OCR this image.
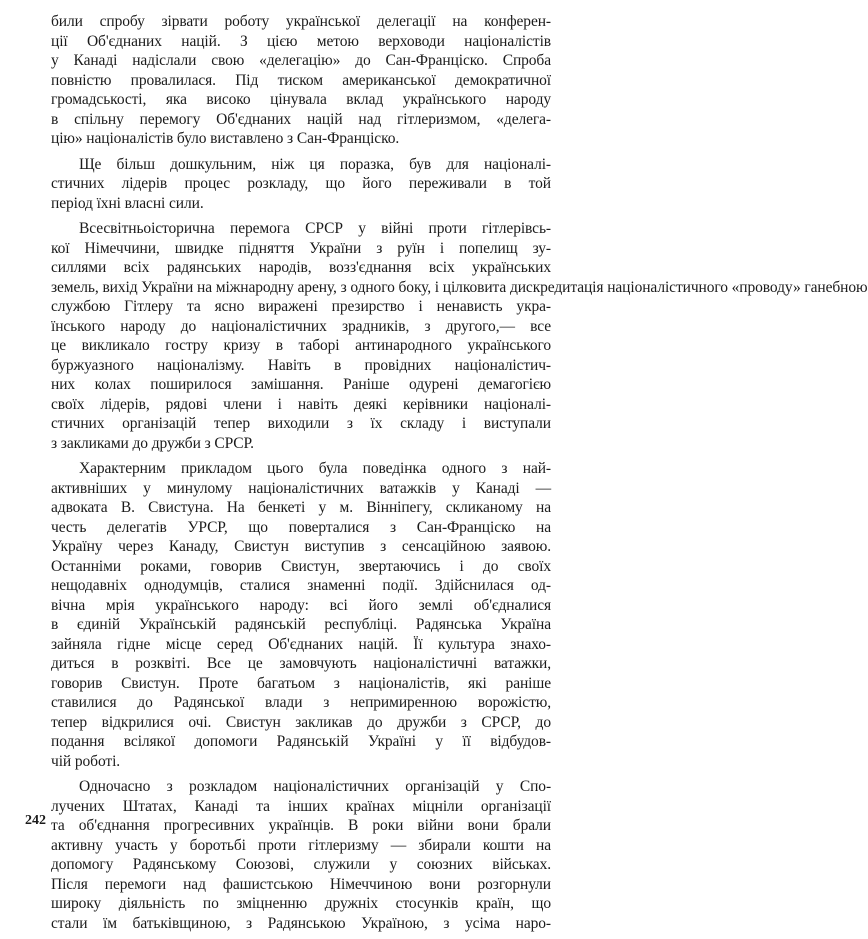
били спробу зірвати роботу української делегації на конферен-
ції Об'єднаних націй. З цією метою верховоди націоналістів
у Канаді надіслали свою «делегацію» до Сан-Франціско. Спроба
повністю провалилася. Під тиском американської демократичної
громадськості, яка високо цінувала вклад українського народу
в спільну перемогу Об'єднаних націй над гітлеризмом, «делега-
цію» націоналістів було виставлено з Сан-Франціско.
Ще більш дошкульним, ніж ця поразка, був для націоналі-
стичних лідерів процес розкладу, що його переживали в той
період їхні власні сили.
Всесвітньоісторична перемога СРСР у війні проти гітлерівсь-
кої Німеччини, швидке підняття України з руїн і попелищ зу-
силлями всіх радянських народів, возз'єднання всіх українських
земель, вихід України на міжнародну арену, з одного боку, і цілковита дискредитація націоналістичного «проводу» ганебною
службою Гітлеру та ясно виражені презирство і ненависть укра-
їнського народу до націоналістичних зрадників, з другого,— все
це викликало гостру кризу в таборі антинародного українського
буржуазного націоналізму. Навіть в провідних націоналістич-
них колах поширилося замішання. Раніше одурені демагогією
своїх лідерів, рядові члени і навіть деякі керівники націоналі-
стичних організацій тепер виходили з їх складу і виступали
з закликами до дружби з СРСР.
Характерним прикладом цього була поведінка одного з най-
активніших у минулому націоналістичних ватажків у Канаді —
адвоката В. Свистуна. На бенкеті у м. Вінніпегу, скликаному на
честь делегатів УРСР, що поверталися з Сан-Франціско на
Україну через Канаду, Свистун виступив з сенсаційною заявою.
Останніми роками, говорив Свистун, звертаючись і до своїх
нещодавніх однодумців, сталися знаменні події. Здійснилася од-
вічна мрія українського народу: всі його землі об'єдналися
в єдиній Українській радянській республіці. Радянська Україна
зайняла гідне місце серед Об'єднаних націй. Її культура знахо-
диться в розквіті. Все це замовчують націоналістичні ватажки,
говорив Свистун. Проте багатьом з націоналістів, які раніше
ставилися до Радянської влади з непримиренною ворожістю,
тепер відкрилися очі. Свистун закликав до дружби з СРСР, до
подання всілякої допомоги Радянській Україні у її відбудов-
чій роботі.
Одночасно з розкладом націоналістичних організацій у Спо-
лучених Штатах, Канаді та інших країнах міцніли організації
та об'єднання прогресивних українців. В роки війни вони брали
активну участь у боротьбі проти гітлеризму — збирали кошти на
допомогу Радянському Союзові, служили у союзних військах.
Після перемоги над фашистською Німеччиною вони розгорнули
широку діяльність по зміцненню дружніх стосунків країн, що
стали їм батьківщиною, з Радянською Україною, з усіма наро-
242
